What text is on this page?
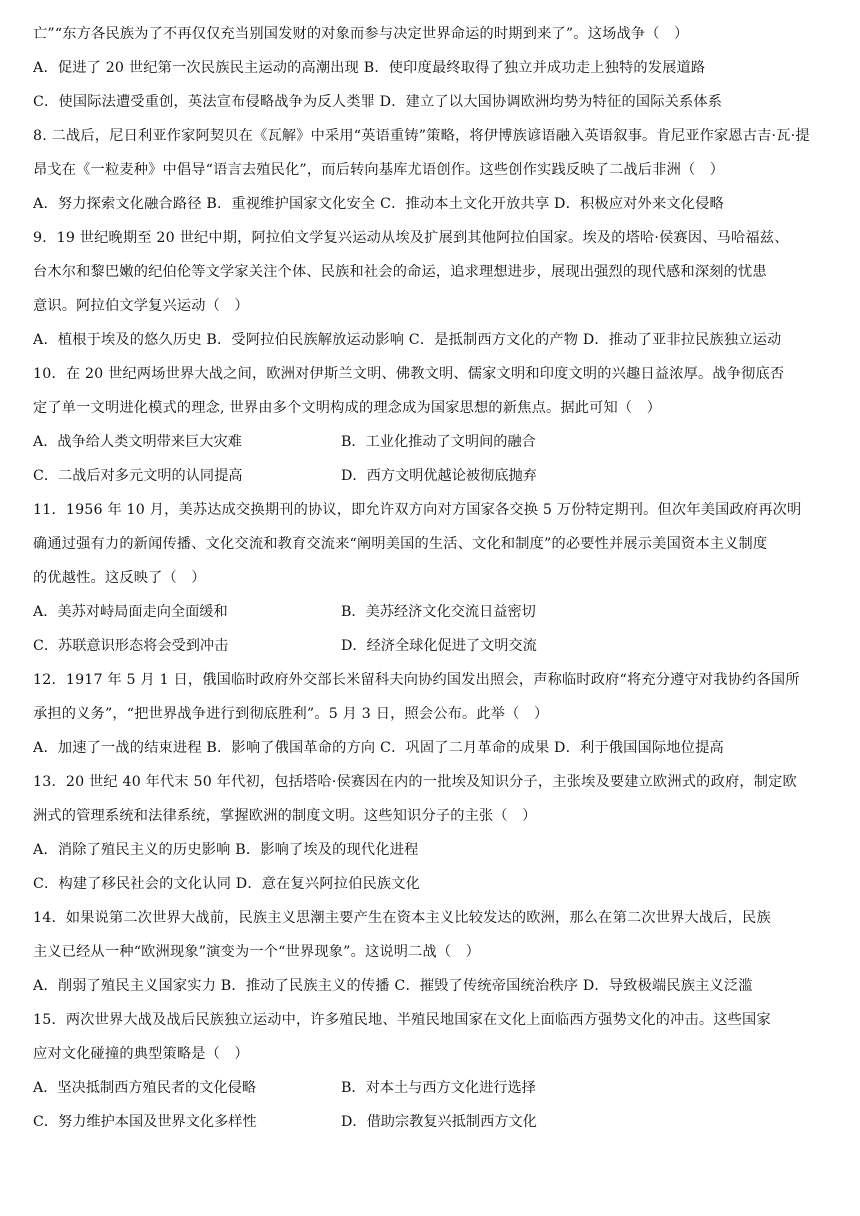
亡”“东方各民族为了不再仅仅充当别国发财的对象而参与决定世界命运的时期到来了”。这场战争（　）
A．促进了 20 世纪第一次民族民主运动的高潮出现 B．使印度最终取得了独立并成功走上独特的发展道路
C．使国际法遭受重创，英法宣布侵略战争为反人类罪 D．建立了以大国协调欧洲均势为特征的国际关系体系
8. 二战后，尼日利亚作家阿契贝在《瓦解》中采用“英语重铸”策略，将伊博族谚语融入英语叙事。肯尼亚作家恩古吉·瓦·提
昂戈在《一粒麦种》中倡导“语言去殖民化”，而后转向基库尤语创作。这些创作实践反映了二战后非洲（　）
A．努力探索文化融合路径 B．重视维护国家文化安全 C．推动本土文化开放共享 D．积极应对外来文化侵略
9．19 世纪晚期至 20 世纪中期，阿拉伯文学复兴运动从埃及扩展到其他阿拉伯国家。埃及的塔哈·侯赛因、马哈福兹、
台木尔和黎巴嫩的纪伯伦等文学家关注个体、民族和社会的命运，追求理想进步，展现出强烈的现代感和深刻的忧患
意识。阿拉伯文学复兴运动（　）
A．植根于埃及的悠久历史 B．受阿拉伯民族解放运动影响 C．是抵制西方文化的产物 D．推动了亚非拉民族独立运动
10．在 20 世纪两场世界大战之间，欧洲对伊斯兰文明、佛教文明、儒家文明和印度文明的兴趣日益浓厚。战争彻底否
定了单一文明进化模式的理念, 世界由多个文明构成的理念成为国家思想的新焦点。据此可知（　）
A．战争给人类文明带来巨大灾难	B．工业化推动了文明间的融合
C．二战后对多元文明的认同提高	D．西方文明优越论被彻底抛弃
11．1956 年 10 月，美苏达成交换期刊的协议，即允许双方向对方国家各交换 5 万份特定期刊。但次年美国政府再次明
确通过强有力的新闻传播、文化交流和教育交流来“阐明美国的生活、文化和制度”的必要性并展示美国资本主义制度
的优越性。这反映了（　）
A．美苏对峙局面走向全面缓和	B．美苏经济文化交流日益密切
C．苏联意识形态将会受到冲击	D．经济全球化促进了文明交流
12．1917 年 5 月 1 日，俄国临时政府外交部长米留科夫向协约国发出照会，声称临时政府“将充分遵守对我协约各国所
承担的义务”，“把世界战争进行到彻底胜利”。5 月 3 日，照会公布。此举（　）
A．加速了一战的结束进程 B．影响了俄国革命的方向 C．巩固了二月革命的成果 D．利于俄国国际地位提高
13．20 世纪 40 年代末 50 年代初，包括塔哈·侯赛因在内的一批埃及知识分子，主张埃及要建立欧洲式的政府，制定欧
洲式的管理系统和法律系统，掌握欧洲的制度文明。这些知识分子的主张（　）
A．消除了殖民主义的历史影响 B．影响了埃及的现代化进程
C．构建了移民社会的文化认同 D．意在复兴阿拉伯民族文化
14．如果说第二次世界大战前，民族主义思潮主要产生在资本主义比较发达的欧洲，那么在第二次世界大战后，民族
主义已经从一种“欧洲现象”演变为一个“世界现象”。这说明二战（　）
A．削弱了殖民主义国家实力 B．推动了民族主义的传播 C．摧毁了传统帝国统治秩序 D．导致极端民族主义泛滥
15．两次世界大战及战后民族独立运动中，许多殖民地、半殖民地国家在文化上面临西方强势文化的冲击。这些国家
应对文化碰撞的典型策略是（　）
A．坚决抵制西方殖民者的文化侵略	B．对本土与西方文化进行选择
C．努力维护本国及世界文化多样性	D．借助宗教复兴抵制西方文化
